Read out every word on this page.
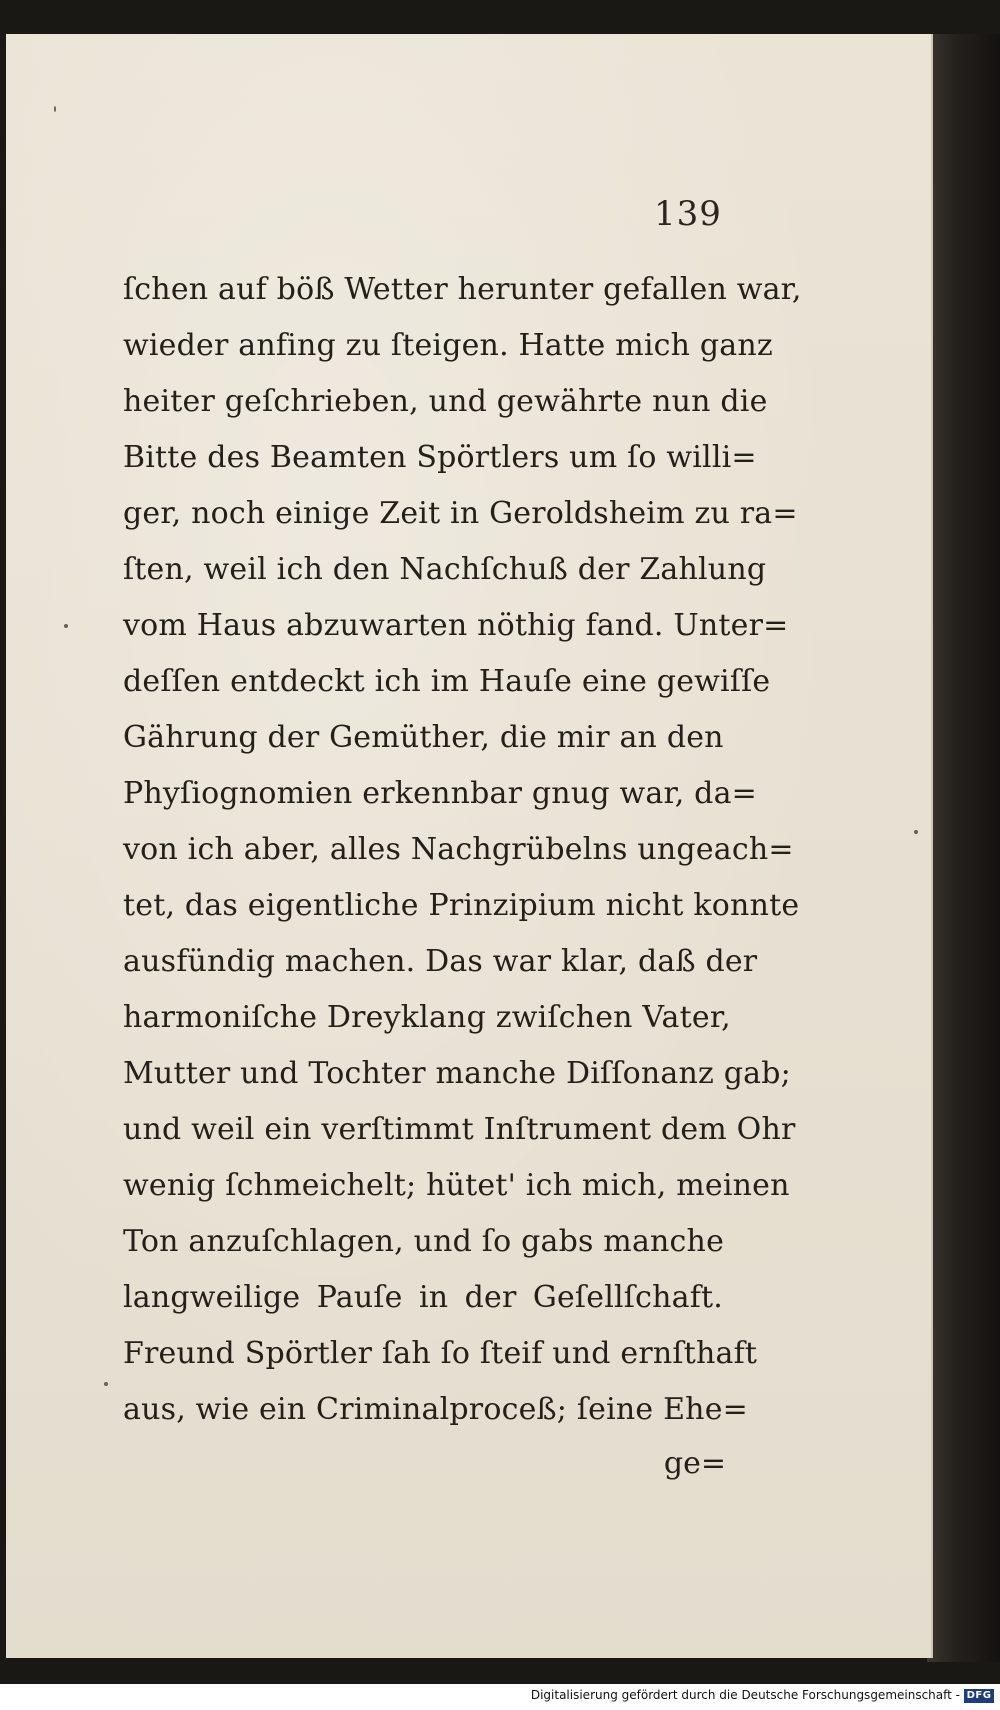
139
ſchen auf böß Wetter herunter gefallen war,
wieder anfing zu ſteigen. Hatte mich ganz
heiter geſchrieben, und gewährte nun die
Bitte des Beamten Spörtlers um ſo willi=
ger, noch einige Zeit in Geroldsheim zu ra=
ſten, weil ich den Nachſchuß der Zahlung
vom Haus abzuwarten nöthig fand. Unter=
deſſen entdeckt ich im Hauſe eine gewiſſe
Gährung der Gemüther, die mir an den
Phyſiognomien erkennbar gnug war, da=
von ich aber, alles Nachgrübelns ungeach=
tet, das eigentliche Prinzipium nicht konnte
ausfündig machen. Das war klar, daß der
harmoniſche Dreyklang zwiſchen Vater,
Mutter und Tochter manche Diſſonanz gab;
und weil ein verſtimmt Inſtrument dem Ohr
wenig ſchmeichelt; hütet' ich mich, meinen
Ton anzuſchlagen, und ſo gabs manche
langweilige Pauſe in der Geſellſchaft.
Freund Spörtler ſah ſo ſteif und ernſthaft
aus, wie ein Criminalproceß; ſeine Ehe=
ge=
Digitalisierung gefördert durch die Deutsche Forschungsgemeinschaft - DFG
